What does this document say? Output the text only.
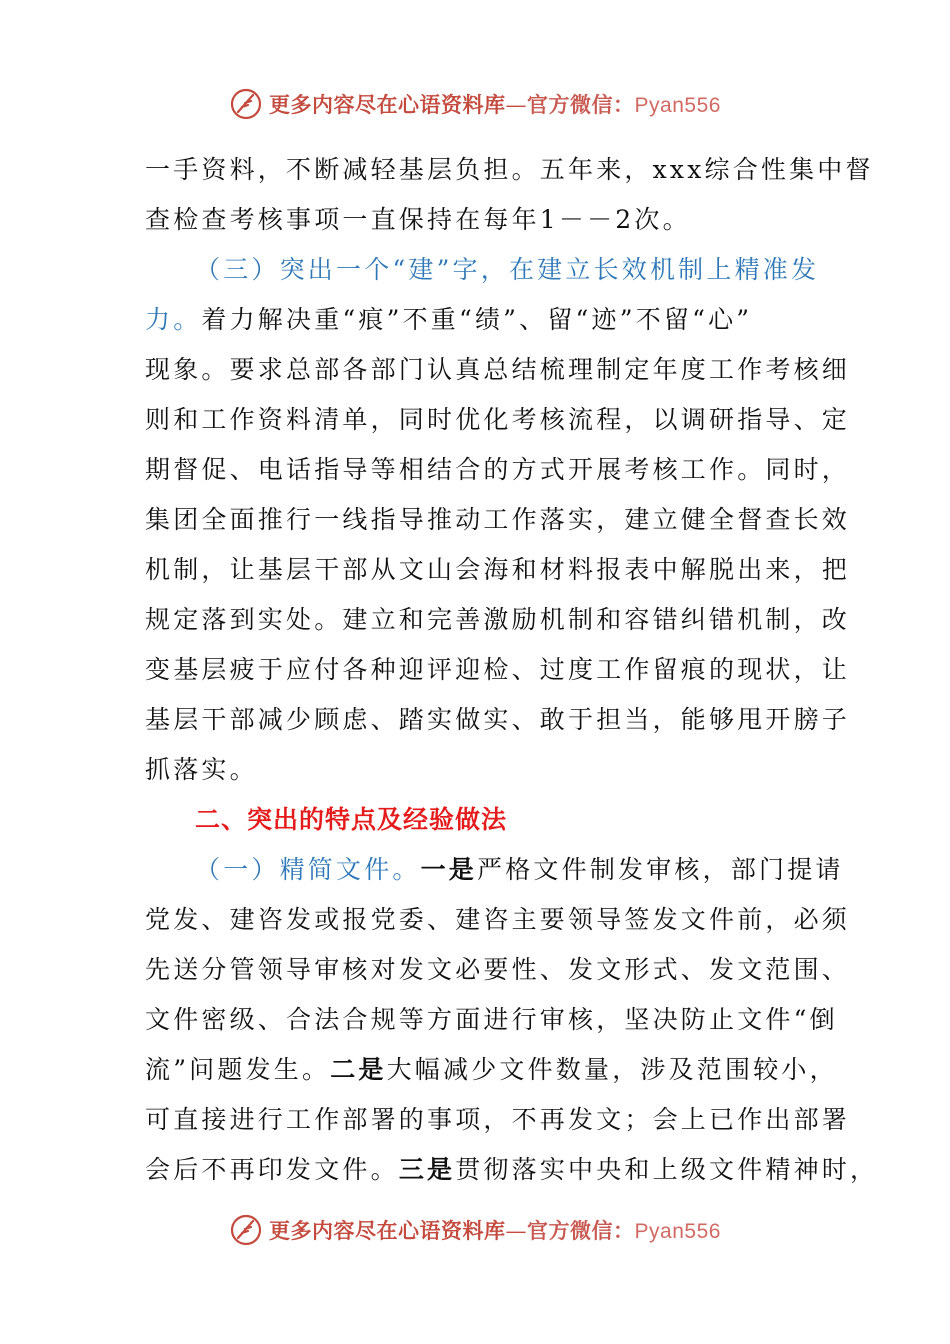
更多内容尽在心语资料库—官方微信：Pyan556
一手资料，不断减轻基层负担。五年来，xxx综合性集中督
查检查考核事项一直保持在每年1－－2次。
（三）突出一个“建”字，在建立长效机制上精准发
力。着力解决重“痕”不重“绩”、留“迹”不留“心”
现象。要求总部各部门认真总结梳理制定年度工作考核细
则和工作资料清单，同时优化考核流程，以调研指导、定
期督促、电话指导等相结合的方式开展考核工作。同时，
集团全面推行一线指导推动工作落实，建立健全督查长效
机制，让基层干部从文山会海和材料报表中解脱出来，把
规定落到实处。建立和完善激励机制和容错纠错机制，改
变基层疲于应付各种迎评迎检、过度工作留痕的现状，让
基层干部减少顾虑、踏实做实、敢于担当，能够甩开膀子
抓落实。
二、突出的特点及经验做法
（一）精简文件。一是严格文件制发审核，部门提请
党发、建咨发或报党委、建咨主要领导签发文件前，必须
先送分管领导审核对发文必要性、发文形式、发文范围、
文件密级、合法合规等方面进行审核，坚决防止文件“倒
流”问题发生。二是大幅减少文件数量，涉及范围较小，
可直接进行工作部署的事项，不再发文；会上已作出部署
会后不再印发文件。三是贯彻落实中央和上级文件精神时，
更多内容尽在心语资料库—官方微信：Pyan556
